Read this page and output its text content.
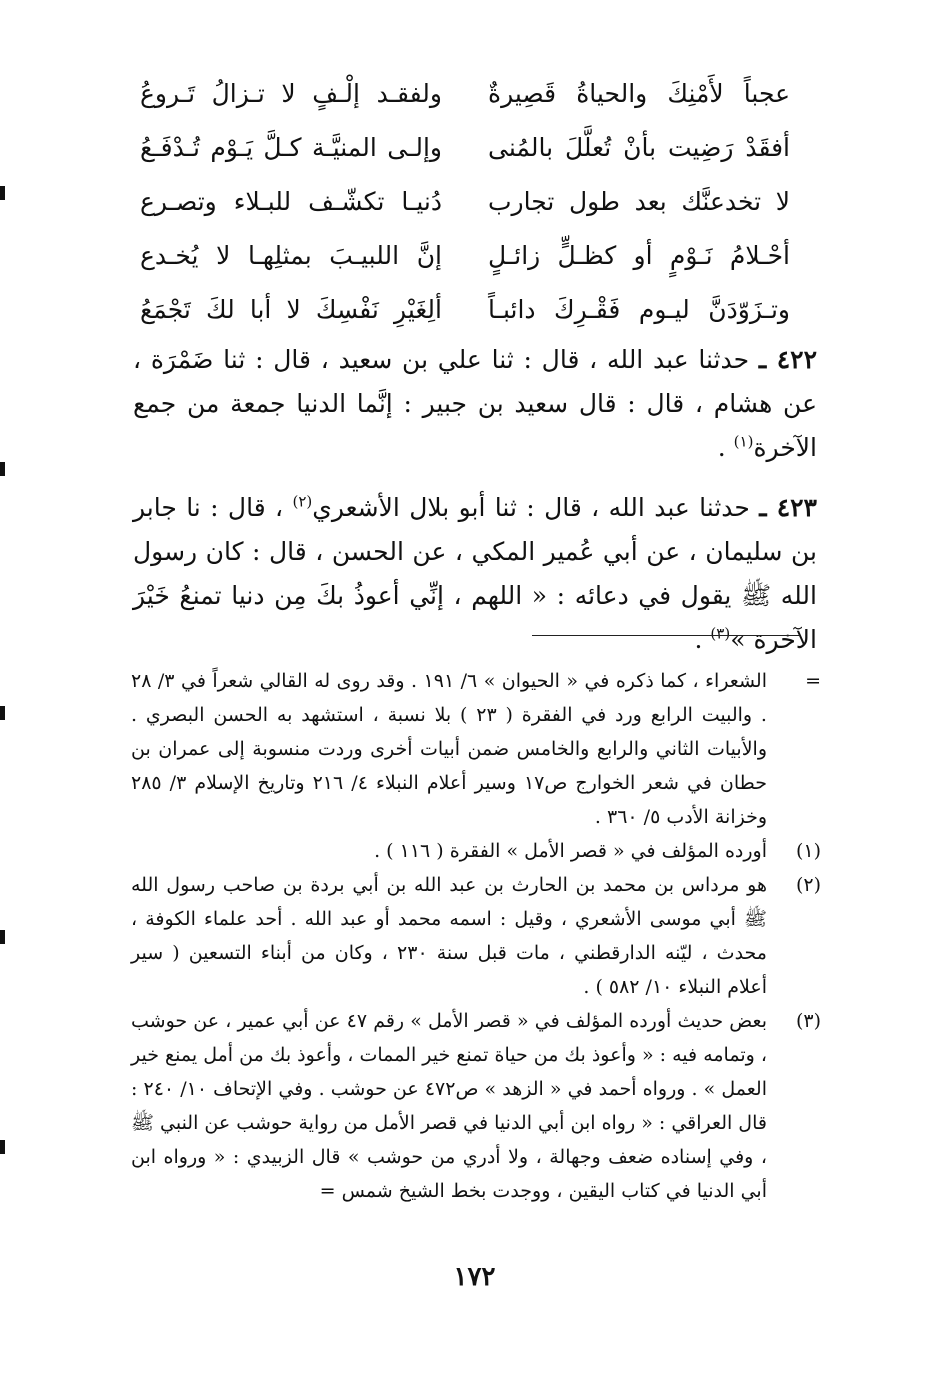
عجباً لأَمْنِكَ والحياةُ قَصِيرةٌ
ولفقـد إلْـفٍ لا تـزالُ تَـروعُ
أفقَدْ رَضِيت بأنْ تُعلَّلَ بالمُنى
وإلـى المنيَّـة كـلَّ يَـوْم تُـدْفَـعُ
لا تخدعنَّك بعد طول تجارب
دُنيـا تكشّـف للبـلاء وتصـرع
أحْـلامُ نَـوْمٍ أو كظـلٍّ زائـلٍ
إنَّ اللبيـبَ بمثلِهـا لا يُخـدع
وتـزَوّدَنَّ ليـوم فَقْـرِكَ دائبـاً
ألِغَيْرِ نَفْسِكَ لا أبا لكَ تَجْمَعُ

٤٢٢ ـ حدثنا عبد الله ، قال : ثنا علي بن سعيد ، قال : ثنا ضَمْرَة ، عن هشام ، قال : قال سعيد بن جبير : إنَّما الدنيا جمعة من جمع الآخرة$^{(١)}$ .

٤٢٣ ـ حدثنا عبد الله ، قال : ثنا أبو بلال الأشعري$^{(٢)}$ ، قال : نا جابر بن سليمان ، عن أبي عُمير المكي ، عن الحسن ، قال : كان رسول الله ﷺ يقول في دعائه : « اللهم ، إنِّي أعوذُ بكَ مِن دنيا تمنعُ خَيْرَ الآخرة »$^{(٣)}$ .

=
الشعراء ، كما ذكره في « الحيوان » ٦/ ١٩١ . وقد روى له القالي شعراً في ٣/ ٢٨ . والبيت الرابع ورد في الفقرة ( ٢٣ ) بلا نسبة ، استشهد به الحسن البصري . والأبيات الثاني والرابع والخامس ضمن أبيات أخرى وردت منسوبة إلى عمران بن حطان في شعر الخوارج ص١٧ وسير أعلام النبلاء ٤/ ٢١٦ وتاريخ الإسلام ٣/ ٢٨٥ وخزانة الأدب ٥/ ٣٦٠ .
(١)
أورده المؤلف في « قصر الأمل » الفقرة ( ١١٦ ) .
(٢)
هو مرداس بن محمد بن الحارث بن عبد الله بن أبي بردة بن صاحب رسول الله ﷺ أبي موسى الأشعري ، وقيل : اسمه محمد أو عبد الله . أحد علماء الكوفة ، محدث ، ليّنه الدارقطني ، مات قبل سنة ٢٣٠ ، وكان من أبناء التسعين ( سير أعلام النبلاء ١٠/ ٥٨٢ ) .
(٣)
بعض حديث أورده المؤلف في « قصر الأمل » رقم ٤٧ عن أبي عمير ، عن حوشب ، وتمامه فيه : « وأعوذ بك من حياة تمنع خير الممات ، وأعوذ بك من أمل يمنع خير العمل » . ورواه أحمد في « الزهد » ص٤٧٢ عن حوشب . وفي الإتحاف ١٠/ ٢٤٠ : قال العراقي : « رواه ابن أبي الدنيا في قصر الأمل من رواية حوشب عن النبي ﷺ ، وفي إسناده ضعف وجهالة ، ولا أدري من حوشب » قال الزبيدي : « ورواه ابن أبي الدنيا في كتاب اليقين ، ووجدت بخط الشيخ شمس =
١٧٢
